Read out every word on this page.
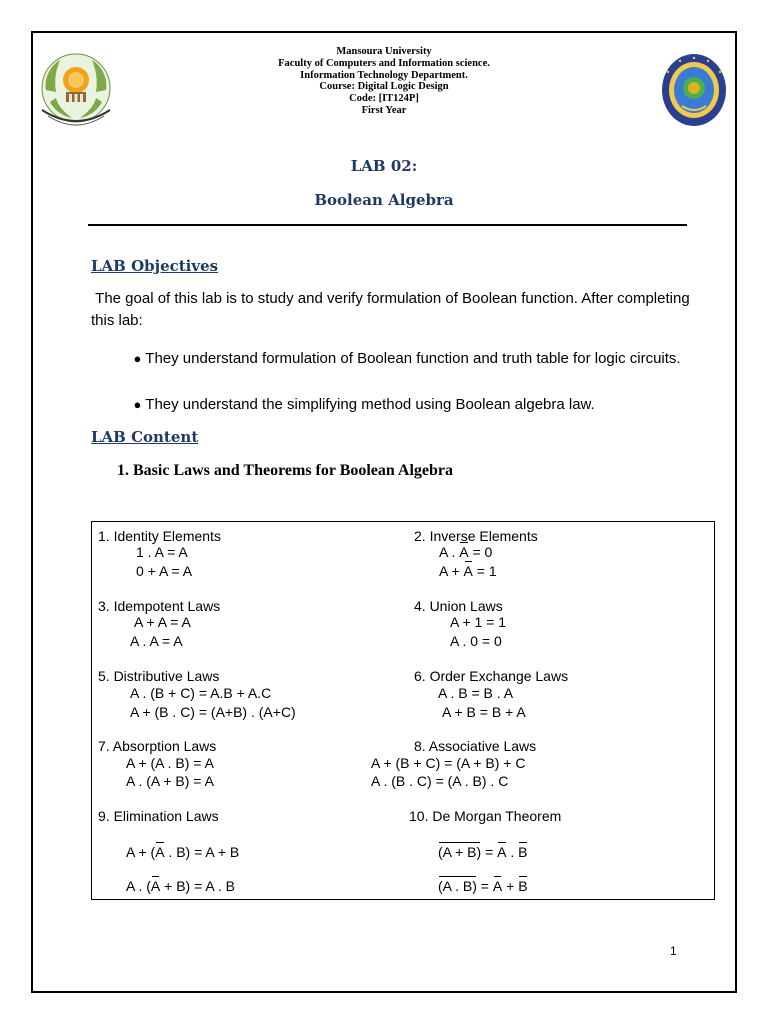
Mansoura University
Faculty of Computers and Information science.
Information Technology Department.
Course: Digital Logic Design
Code: [IT124P]
First Year
LAB 02:
Boolean Algebra
LAB Objectives
The goal of this lab is to study and verify formulation of Boolean function. After completing this lab:
● They understand formulation of Boolean function and truth table for logic circuits.
● They understand the simplifying method using Boolean algebra law.
LAB Content
1. Basic Laws and Theorems for Boolean Algebra
1. Identity Elements
1 . A = A
0 + A = A
2. Inverse Elements
A . A = 0
A + A = 1
3. Idempotent Laws
A + A = A
A . A = A
4. Union Laws
A + 1 = 1
A . 0 = 0
5. Distributive Laws
A . (B + C) = A.B + A.C
A + (B . C) = (A+B) . (A+C)
6. Order Exchange Laws
A . B = B . A
A + B = B + A
7. Absorption Laws
A + (A . B) = A
A . (A + B) = A
8. Associative Laws
A + (B + C) = (A + B) + C
A . (B . C) = (A . B) . C
9. Elimination Laws
A + (A . B) = A + B
A . (A + B) = A . B
10. De Morgan Theorem
(A + B) = A . B
(A . B) = A + B
1
